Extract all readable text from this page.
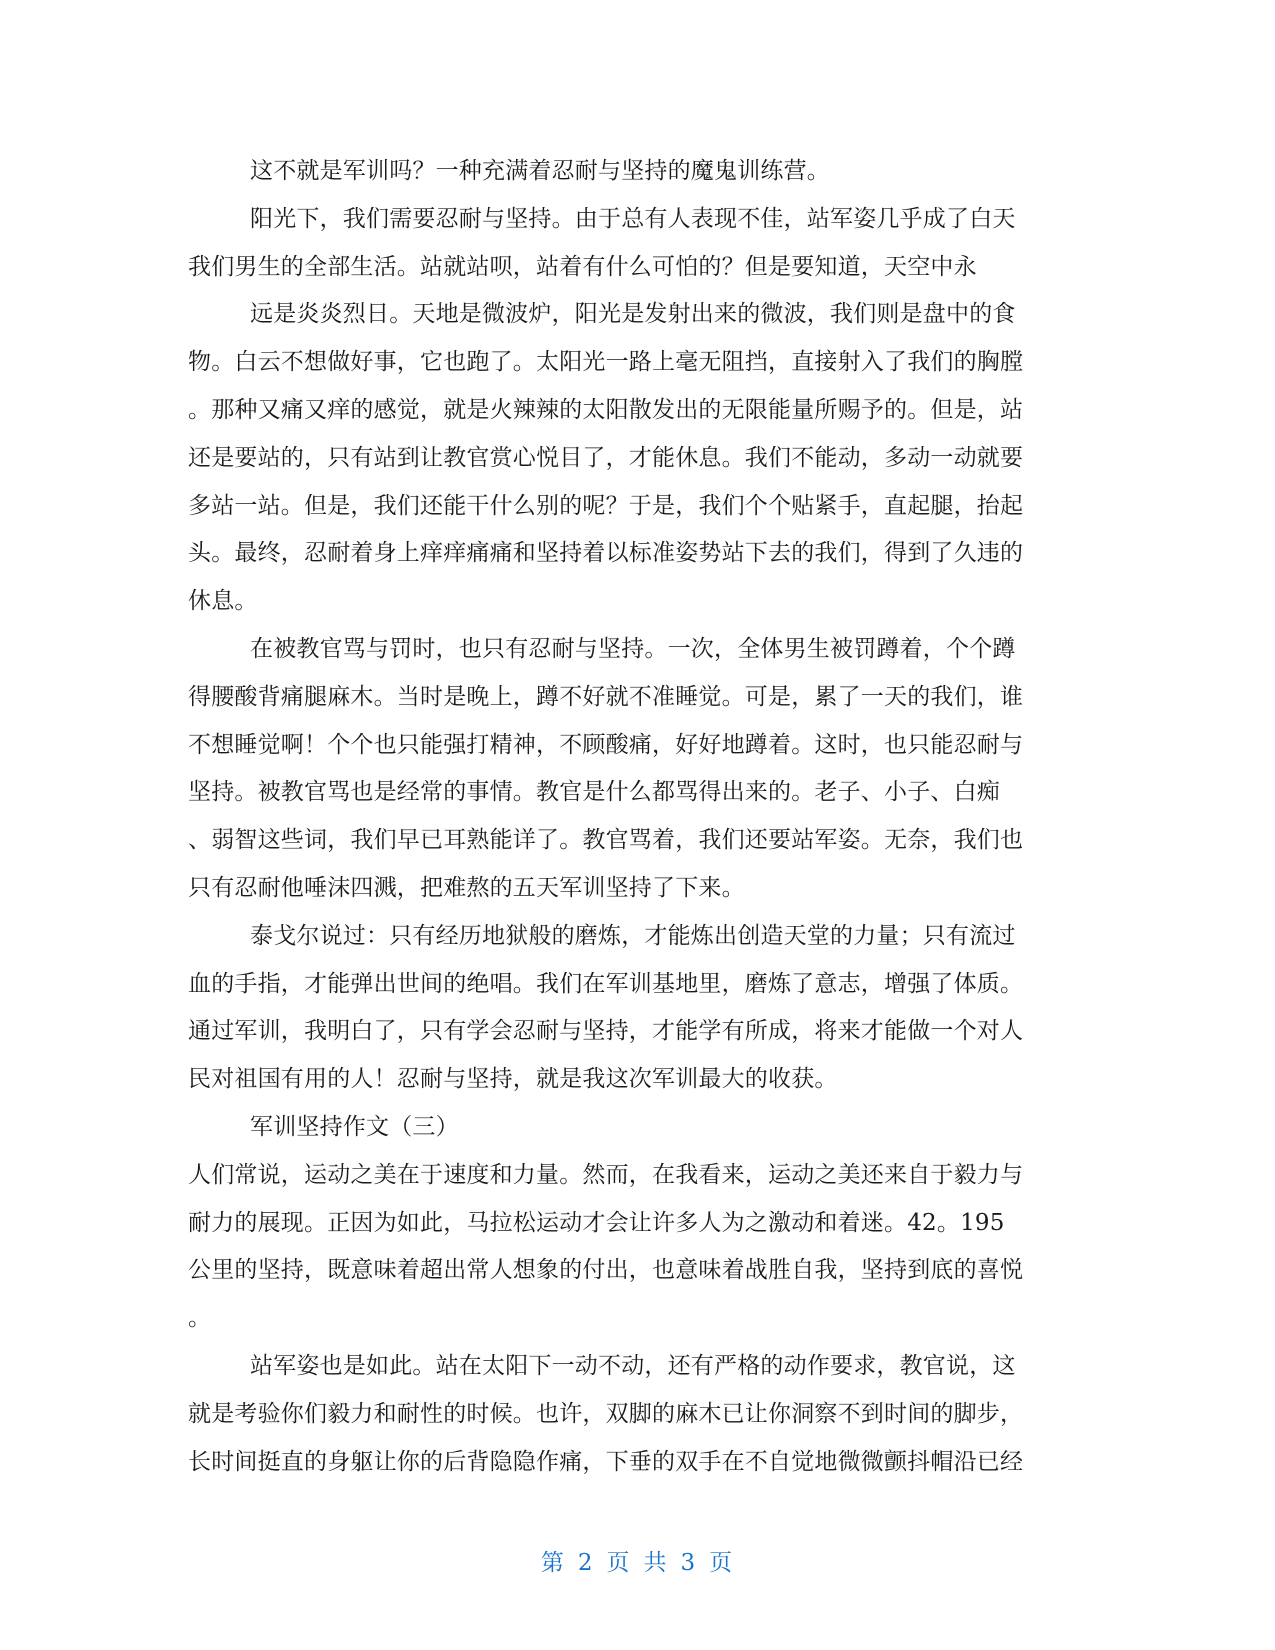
这不就是军训吗？一种充满着忍耐与坚持的魔鬼训练营。
阳光下，我们需要忍耐与坚持。由于总有人表现不佳，站军姿几乎成了白天
我们男生的全部生活。站就站呗，站着有什么可怕的？但是要知道，天空中永
远是炎炎烈日。天地是微波炉，阳光是发射出来的微波，我们则是盘中的食
物。白云不想做好事，它也跑了。太阳光一路上毫无阻挡，直接射入了我们的胸膛
。那种又痛又痒的感觉，就是火辣辣的太阳散发出的无限能量所赐予的。但是，站
还是要站的，只有站到让教官赏心悦目了，才能休息。我们不能动，多动一动就要
多站一站。但是，我们还能干什么别的呢？于是，我们个个贴紧手，直起腿，抬起
头。最终，忍耐着身上痒痒痛痛和坚持着以标准姿势站下去的我们，得到了久违的
休息。
在被教官骂与罚时，也只有忍耐与坚持。一次，全体男生被罚蹲着，个个蹲
得腰酸背痛腿麻木。当时是晚上，蹲不好就不准睡觉。可是，累了一天的我们，谁
不想睡觉啊！个个也只能强打精神，不顾酸痛，好好地蹲着。这时，也只能忍耐与
坚持。被教官骂也是经常的事情。教官是什么都骂得出来的。老子、小子、白痴
、弱智这些词，我们早已耳熟能详了。教官骂着，我们还要站军姿。无奈，我们也
只有忍耐他唾沫四溅，把难熬的五天军训坚持了下来。
泰戈尔说过：只有经历地狱般的磨炼，才能炼出创造天堂的力量；只有流过
血的手指，才能弹出世间的绝唱。我们在军训基地里，磨炼了意志，增强了体质。
通过军训，我明白了，只有学会忍耐与坚持，才能学有所成，将来才能做一个对人
民对祖国有用的人！忍耐与坚持，就是我这次军训最大的收获。
军训坚持作文（三）
人们常说，运动之美在于速度和力量。然而，在我看来，运动之美还来自于毅力与
耐力的展现。正因为如此，马拉松运动才会让许多人为之激动和着迷。42。195
公里的坚持，既意味着超出常人想象的付出，也意味着战胜自我，坚持到底的喜悦
。
站军姿也是如此。站在太阳下一动不动，还有严格的动作要求，教官说，这
就是考验你们毅力和耐性的时候。也许，双脚的麻木已让你洞察不到时间的脚步，
长时间挺直的身躯让你的后背隐隐作痛，下垂的双手在不自觉地微微颤抖帽沿已经
第 2 页 共 3 页
